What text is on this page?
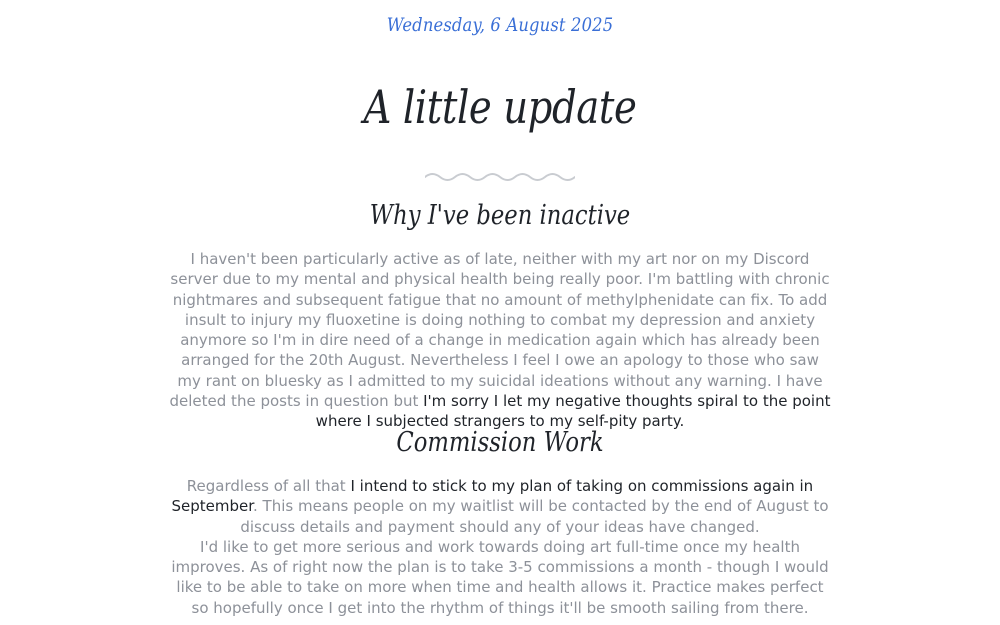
Wednesday, 6 August 2025
A little update
Why I've been inactive
I haven't been particularly active as of late, neither with my art nor on my Discord server due to my mental and physical health being really poor. I'm battling with chronic nightmares and subsequent fatigue that no amount of methylphenidate can fix. To add insult to injury my fluoxetine is doing nothing to combat my depression and anxiety anymore so I'm in dire need of a change in medication again which has already been arranged for the 20th August. Nevertheless I feel I owe an apology to those who saw my rant on bluesky as I admitted to my suicidal ideations without any warning. I have deleted the posts in question but I'm sorry I let my negative thoughts spiral to the point where I subjected strangers to my self-pity party.
Commission Work
Regardless of all that I intend to stick to my plan of taking on commissions again in September. This means people on my waitlist will be contacted by the end of August to discuss details and payment should any of your ideas have changed.
I'd like to get more serious and work towards doing art full-time once my health improves. As of right now the plan is to take 3-5 commissions a month - though I would like to be able to take on more when time and health allows it. Practice makes perfect so hopefully once I get into the rhythm of things it'll be smooth sailing from there.
